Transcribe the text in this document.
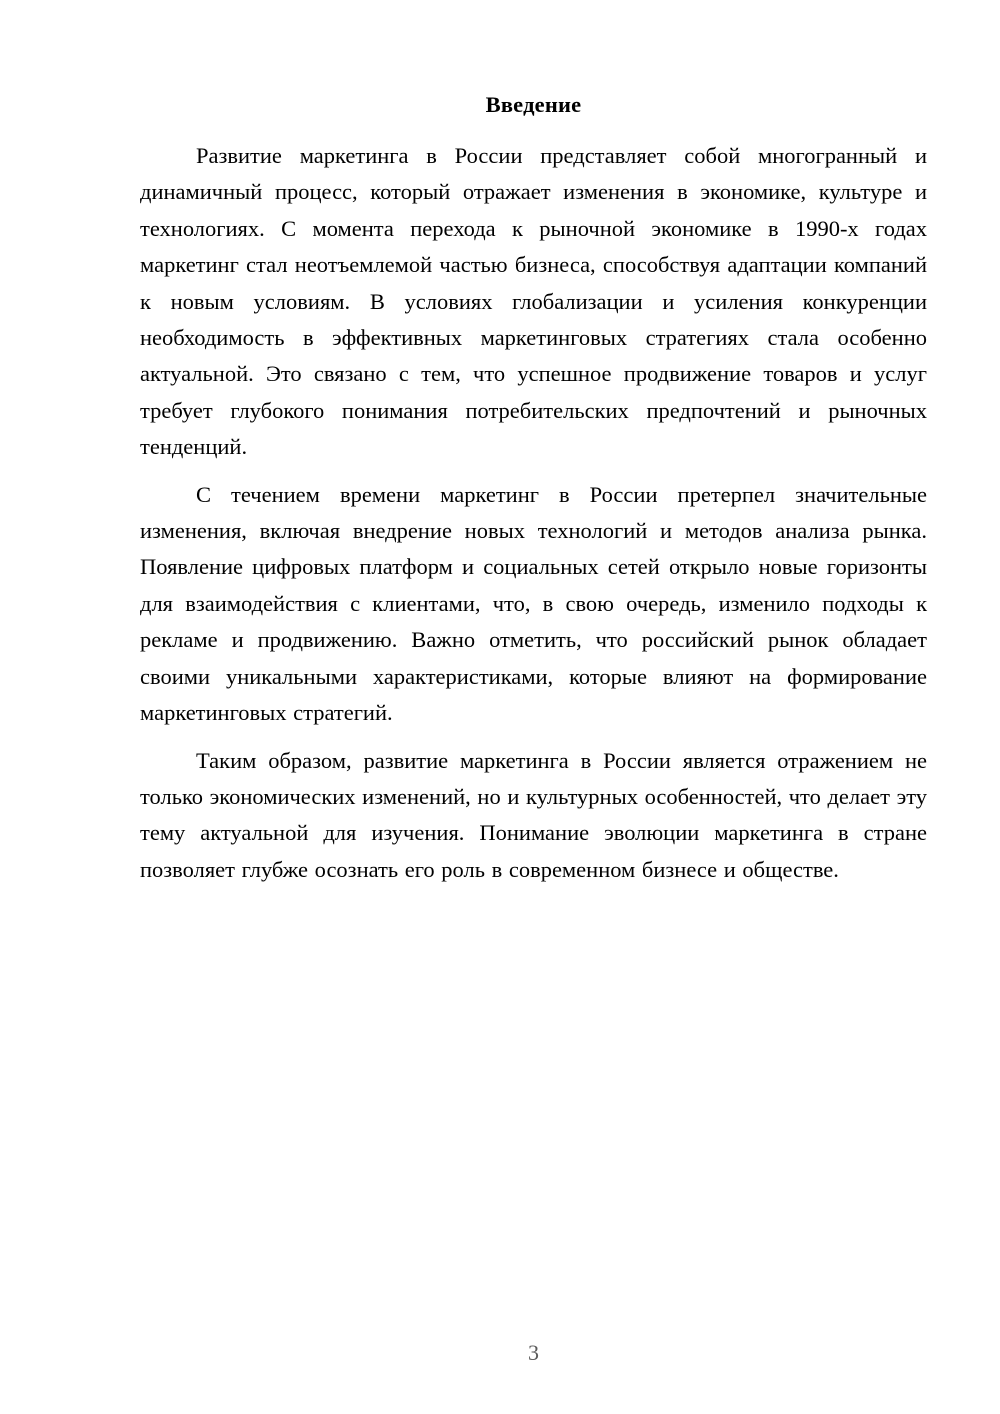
Введение

Развитие маркетинга в России представляет собой многогранный и динамичный процесс, который отражает изменения в экономике, культуре и технологиях. С момента перехода к рыночной экономике в 1990-х годах маркетинг стал неотъемлемой частью бизнеса, способствуя адаптации компаний к новым условиям. В условиях глобализации и усиления конкуренции необходимость в эффективных маркетинговых стратегиях стала особенно актуальной. Это связано с тем, что успешное продвижение товаров и услуг требует глубокого понимания потребительских предпочтений и рыночных тенденций.

С течением времени маркетинг в России претерпел значительные изменения, включая внедрение новых технологий и методов анализа рынка. Появление цифровых платформ и социальных сетей открыло новые горизонты для взаимодействия с клиентами, что, в свою очередь, изменило подходы к рекламе и продвижению. Важно отметить, что российский рынок обладает своими уникальными характеристиками, которые влияют на формирование маркетинговых стратегий.

Таким образом, развитие маркетинга в России является отражением не только экономических изменений, но и культурных особенностей, что делает эту тему актуальной для изучения. Понимание эволюции маркетинга в стране позволяет глубже осознать его роль в современном бизнесе и обществе.

3
